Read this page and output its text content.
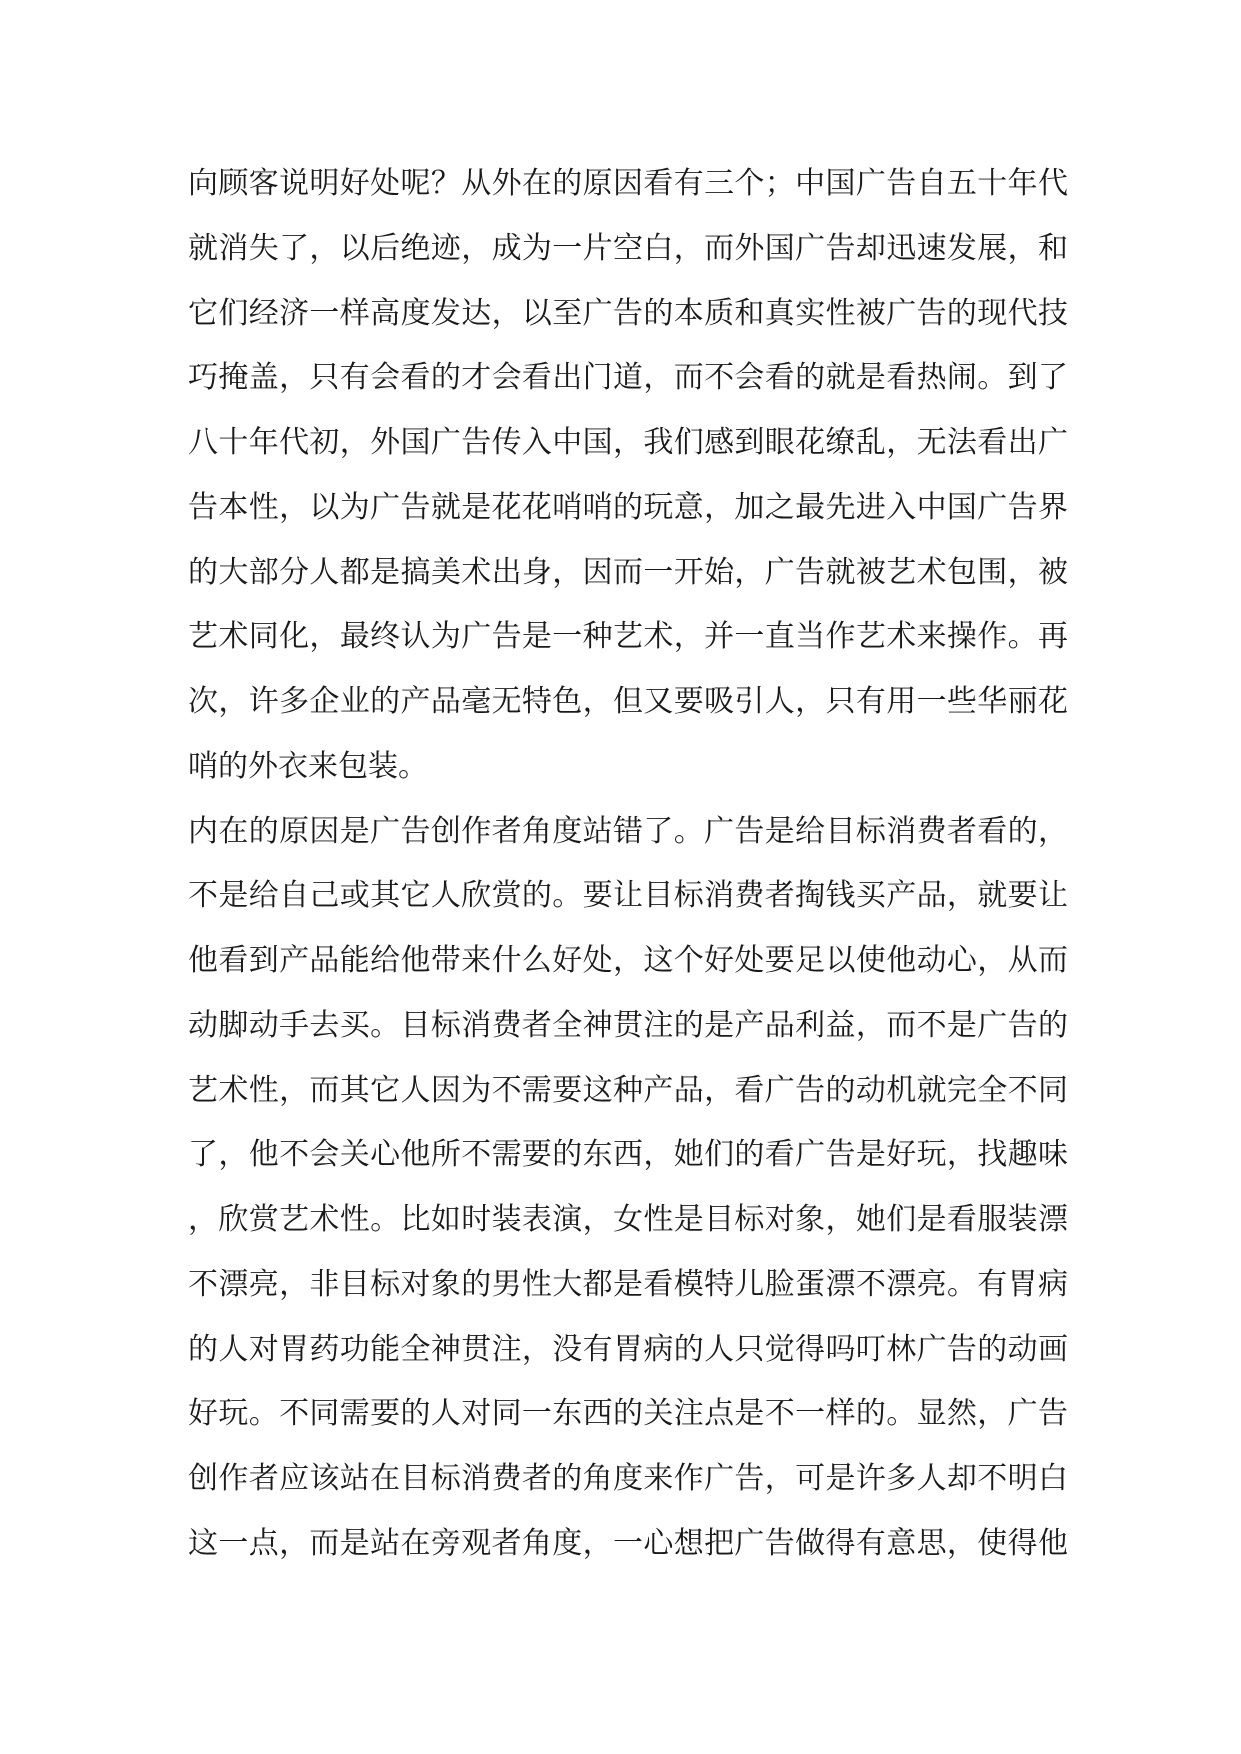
向顾客说明好处呢？从外在的原因看有三个；中国广告自五十年代
就消失了，以后绝迹，成为一片空白，而外国广告却迅速发展，和
它们经济一样高度发达，以至广告的本质和真实性被广告的现代技
巧掩盖，只有会看的才会看出门道，而不会看的就是看热闹。到了
八十年代初，外国广告传入中国，我们感到眼花缭乱，无法看出广
告本性，以为广告就是花花哨哨的玩意，加之最先进入中国广告界
的大部分人都是搞美术出身，因而一开始，广告就被艺术包围，被
艺术同化，最终认为广告是一种艺术，并一直当作艺术来操作。再
次，许多企业的产品毫无特色，但又要吸引人，只有用一些华丽花
哨的外衣来包装。
内在的原因是广告创作者角度站错了。广告是给目标消费者看的，
不是给自己或其它人欣赏的。要让目标消费者掏钱买产品，就要让
他看到产品能给他带来什么好处，这个好处要足以使他动心，从而
动脚动手去买。目标消费者全神贯注的是产品利益，而不是广告的
艺术性，而其它人因为不需要这种产品，看广告的动机就完全不同
了，他不会关心他所不需要的东西，她们的看广告是好玩，找趣味
，欣赏艺术性。比如时装表演，女性是目标对象，她们是看服装漂
不漂亮，非目标对象的男性大都是看模特儿脸蛋漂不漂亮。有胃病
的人对胃药功能全神贯注，没有胃病的人只觉得吗叮林广告的动画
好玩。不同需要的人对同一东西的关注点是不一样的。显然，广告
创作者应该站在目标消费者的角度来作广告，可是许多人却不明白
这一点，而是站在旁观者角度，一心想把广告做得有意思，使得他
